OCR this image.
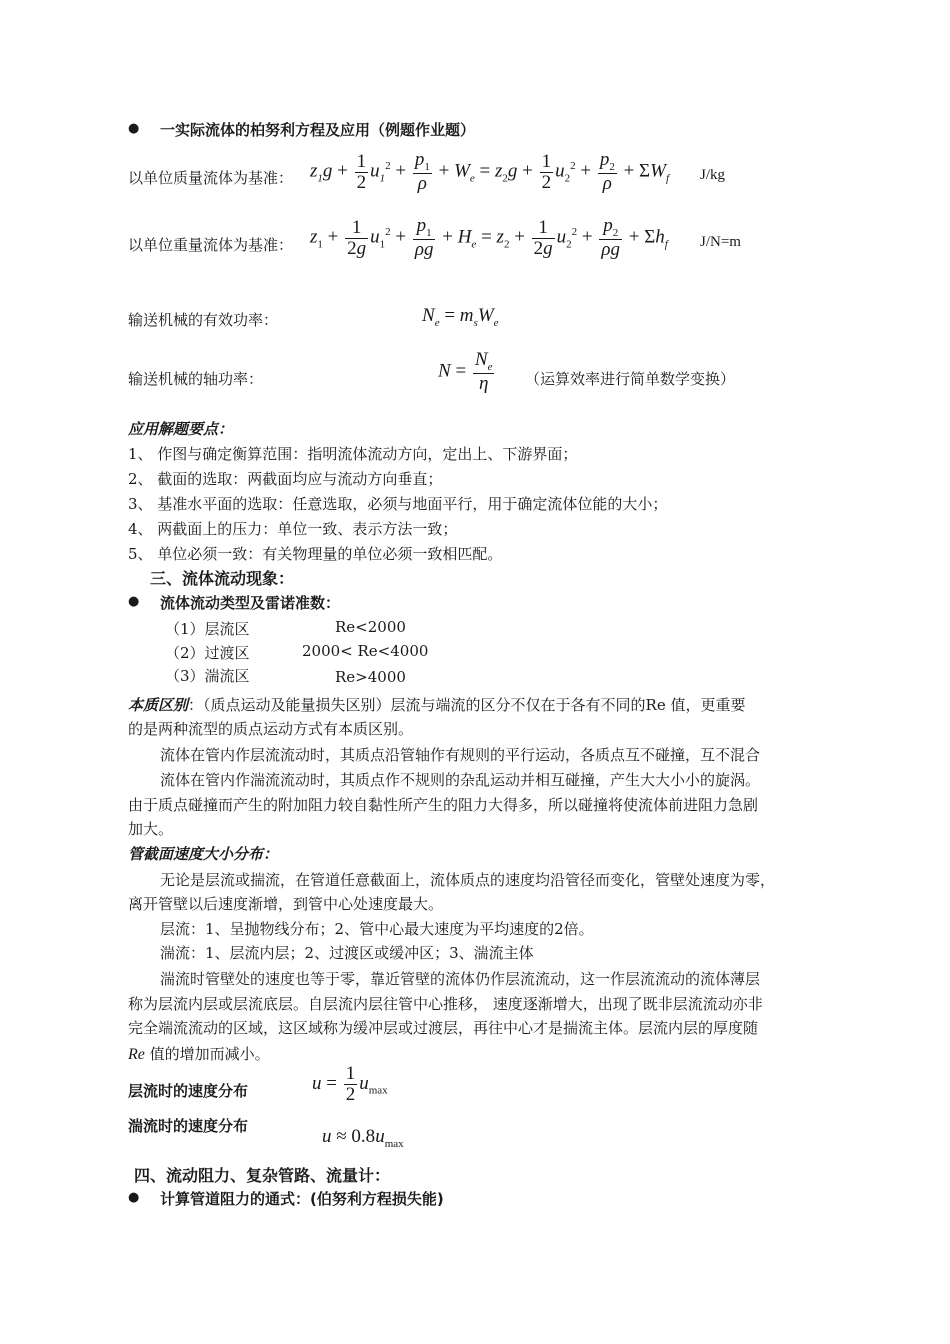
● 一实际流体的柏努利方程及应用（例题作业题）
以单位质量流体为基准： $z_1g + \frac{1}{2} u_1^2 + \frac{p_1}{\rho} + W_e = z_2g + \frac{1}{2} u_2^2 + \frac{p_2}{\rho} + \Sigma W_f$ J/kg
以单位重量流体为基准： $z_1 + \frac{1}{2g} u_1^2 + \frac{p_1}{\rho g} + H_e = z_2 + \frac{1}{2g} u_2^2 + \frac{p_2}{\rho g} + \Sigma h_f$ J/N=m
输送机械的有效功率：	$N_e = m_sW_e$
输送机械的轴功率：	$N = \frac{N_e}{\eta}$ （运算效率进行简单数学变换）
应用解题要点：
1、 作图与确定衡算范围：指明流体流动方向，定出上、下游界面；
2、 截面的选取：两截面均应与流动方向垂直；
3、 基准水平面的选取：任意选取，必须与地面平行，用于确定流体位能的大小；
4、 两截面上的压力：单位一致、表示方法一致；
5、 单位必须一致：有关物理量的单位必须一致相匹配。
三、流体流动现象：
● 流体流动类型及雷诺准数：
（1）层流区	Re<2000
（2）过渡区	2000< Re<4000
（3）湍流区	Re>4000
本质区别：（质点运动及能量损失区别）层流与端流的区分不仅在于各有不同的Re 值，更重要
的是两种流型的质点运动方式有本质区别。
流体在管内作层流流动时，其质点沿管轴作有规则的平行运动，各质点互不碰撞，互不混合
流体在管内作湍流流动时，其质点作不规则的杂乱运动并相互碰撞，产生大大小小的旋涡。
由于质点碰撞而产生的附加阻力较自黏性所产生的阻力大得多，所以碰撞将使流体前进阻力急剧
加大。
管截面速度大小分布：
无论是层流或揣流，在管道任意截面上，流体质点的速度均沿管径而变化，管壁处速度为零，
离开管壁以后速度渐增，到管中心处速度最大。
层流：1、呈抛物线分布；2、管中心最大速度为平均速度的2倍。
湍流：1、层流内层；2、过渡区或缓冲区；3、湍流主体
湍流时管壁处的速度也等于零，靠近管壁的流体仍作层流流动，这一作层流流动的流体薄层
称为层流内层或层流底层。自层流内层往管中心推移， 速度逐渐增大，出现了既非层流流动亦非
完全端流流动的区域，这区域称为缓冲层或过渡层，再往中心才是揣流主体。层流内层的厚度随
Re 值的增加而减小。
层流时的速度分布	$u = \frac{1}{2} u_{max}$
湍流时的速度分布	$u \approx 0.8u_{max}$
四、流动阻力、复杂管路、流量计：
● 计算管道阻力的通式：(伯努利方程损失能)
